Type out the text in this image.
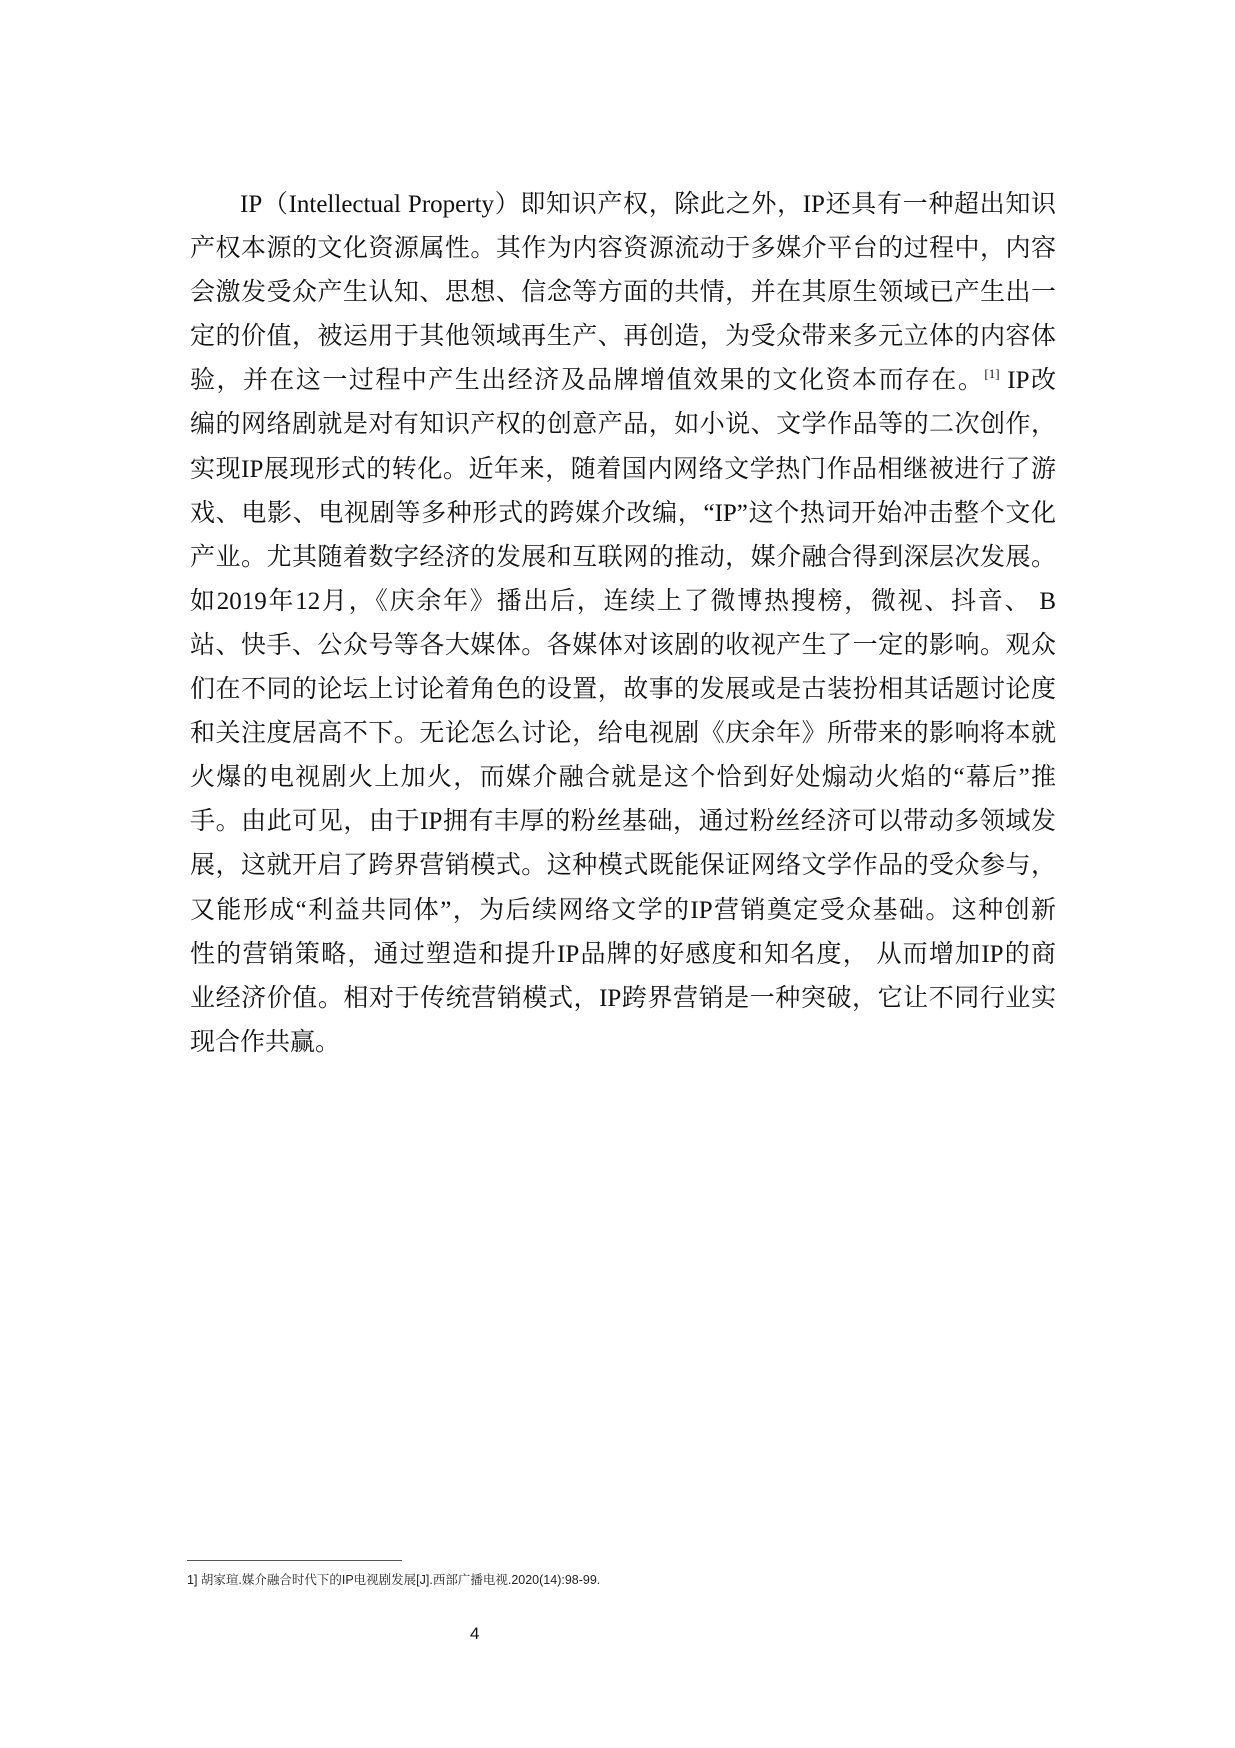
IP（Intellectual Property）即知识产权，除此之外，IP还具有一种超出知识
产权本源的文化资源属性。其作为内容资源流动于多媒介平台的过程中，内容
会激发受众产生认知、思想、信念等方面的共情，并在其原生领域已产生出一
定的价值，被运用于其他领域再生产、再创造，为受众带来多元立体的内容体
验，并在这一过程中产生出经济及品牌增值效果的文化资本而存在。[1] IP改
编的网络剧就是对有知识产权的创意产品，如小说、文学作品等的二次创作，
实现IP展现形式的转化。近年来，随着国内网络文学热门作品相继被进行了游
戏、电影、电视剧等多种形式的跨媒介改编，“IP”这个热词开始冲击整个文化
产业。尤其随着数字经济的发展和互联网的推动，媒介融合得到深层次发展。
如2019年12月，《庆余年》播出后，连续上了微博热搜榜，微视、抖音、 B
站、快手、公众号等各大媒体。各媒体对该剧的收视产生了一定的影响。观众
们在不同的论坛上讨论着角色的设置，故事的发展或是古装扮相其话题讨论度
和关注度居高不下。无论怎么讨论，给电视剧《庆余年》所带来的影响将本就
火爆的电视剧火上加火，而媒介融合就是这个恰到好处煽动火焰的“幕后”推
手。由此可见，由于IP拥有丰厚的粉丝基础，通过粉丝经济可以带动多领域发
展，这就开启了跨界营销模式。这种模式既能保证网络文学作品的受众参与，
又能形成“利益共同体”，为后续网络文学的IP营销奠定受众基础。这种创新
性的营销策略，通过塑造和提升IP品牌的好感度和知名度， 从而增加IP的商
业经济价值。相对于传统营销模式，IP跨界营销是一种突破，它让不同行业实
现合作共赢。
1] 胡家瑄.媒介融合时代下的IP电视剧发展[J].西部广播电视.2020(14):98-99.
4
